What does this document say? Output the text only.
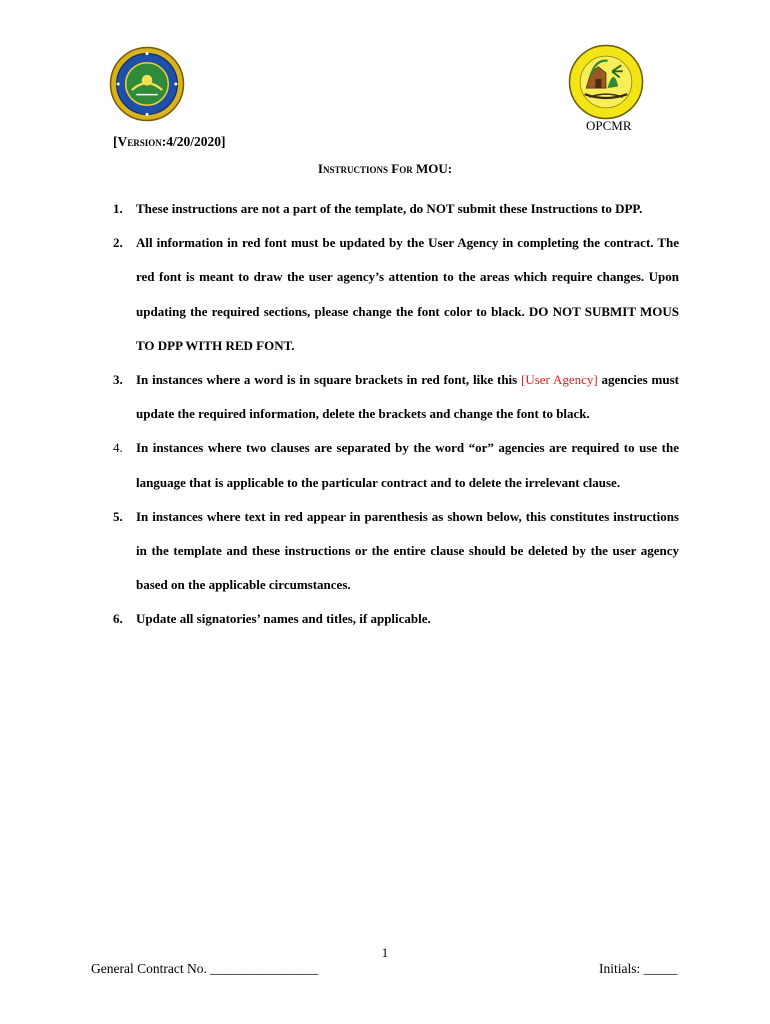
OPCMR
[Version:4/20/2020]
Instructions For MOU:
1. These instructions are not a part of the template, do NOT submit these Instructions to DPP.
2. All information in red font must be updated by the User Agency in completing the contract. The red font is meant to draw the user agency’s attention to the areas which require changes. Upon updating the required sections, please change the font color to black. DO NOT SUBMIT MOUS TO DPP WITH RED FONT.
3. In instances where a word is in square brackets in red font, like this [User Agency] agencies must update the required information, delete the brackets and change the font to black.
4. In instances where two clauses are separated by the word “or” agencies are required to use the language that is applicable to the particular contract and to delete the irrelevant clause.
5. In instances where text in red appear in parenthesis as shown below, this constitutes instructions in the template and these instructions or the entire clause should be deleted by the user agency based on the applicable circumstances.
6. Update all signatories’ names and titles, if applicable.
1
General Contract No. ________________	Initials: _____
